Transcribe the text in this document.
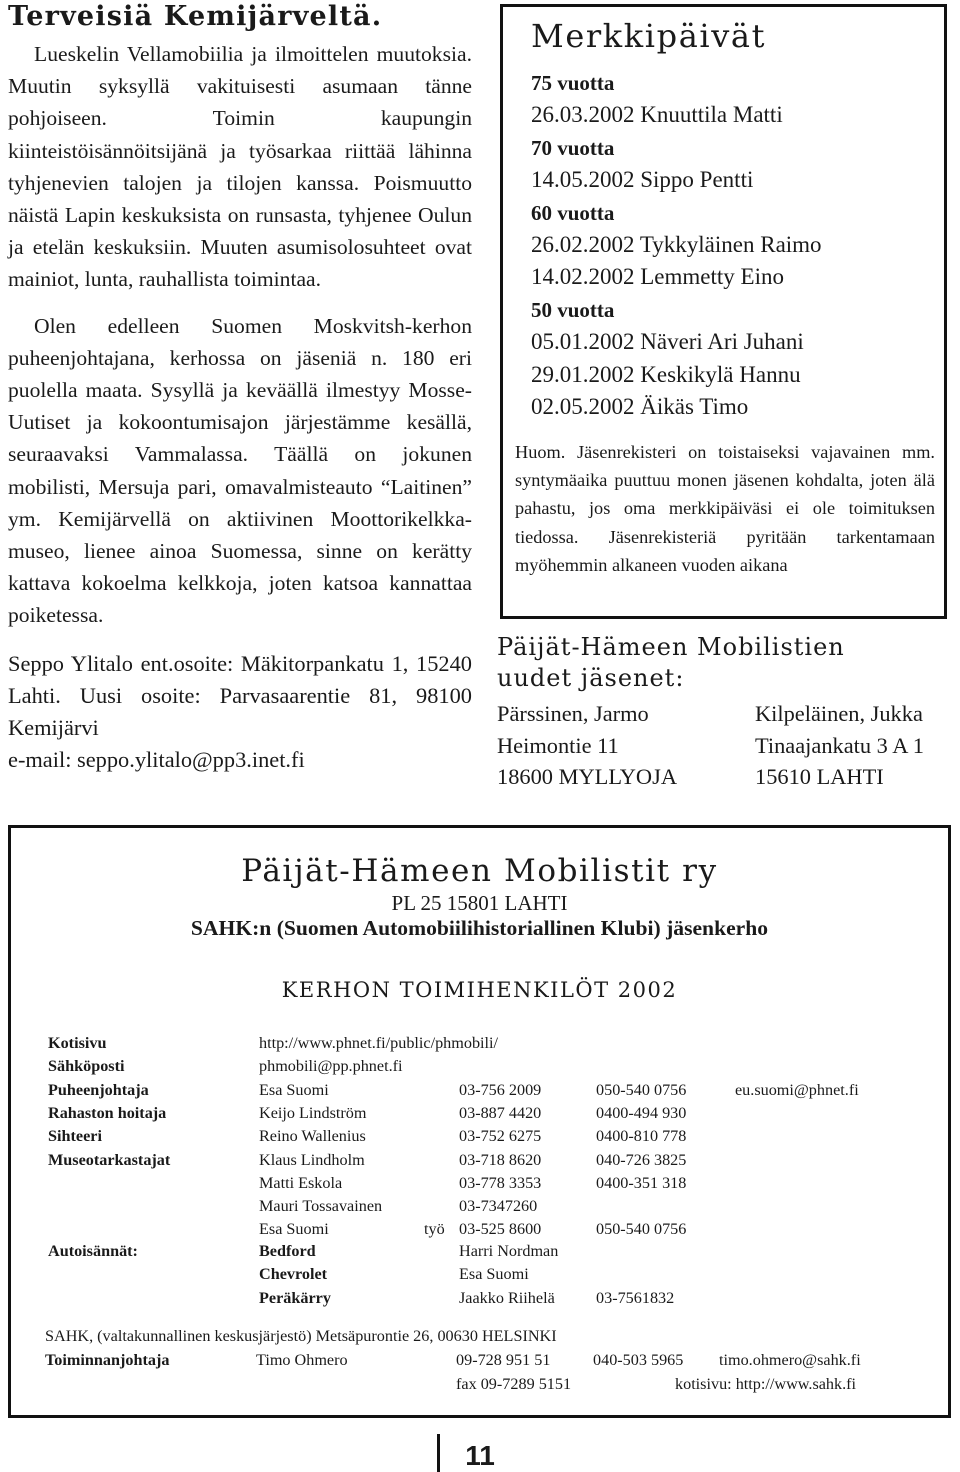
Terveisiä Kemijärveltä.

Lueskelin Vellamobiilia ja ilmoittelen muutoksia. Muutin syksyllä vakituisesti asumaan tänne pohjoiseen. Toimin kaupungin kiinteistöisännöitsijänä ja työsarkaa riittää lähinna tyhjenevien talojen ja tilojen kanssa. Poismuutto näistä Lapin keskuksista on runsasta, tyhjenee Oulun ja etelän keskuksiin. Muuten asumisolosuhteet ovat mainiot, lunta, rauhallista toimintaa.

Olen edelleen Suomen Moskvitsh-kerhon puheenjohtajana, kerhossa on jäseniä n. 180 eri puolella maata. Sysyllä ja keväällä ilmestyy Mosse-Uutiset ja kokoontumisajon järjestämme kesällä, seuraavaksi Vammalassa. Täällä on jokunen mobilisti, Mersuja pari, omavalmisteauto “Laitinen” ym. Kemijärvellä on aktiivinen Moottorikelkka-museo, lienee ainoa Suomessa, sinne on kerätty kattava kokoelma kelkkoja, joten katsoa kannattaa poiketessa.

Seppo Ylitalo ent.osoite: Mäkitorpankatu 1, 15240 Lahti. Uusi osoite: Parvasaarentie 81, 98100 Kemijärvi
e-mail: seppo.ylitalo@pp3.inet.fi

Merkkipäivät
75 vuotta
26.03.2002 Knuuttila Matti
70 vuotta
14.05.2002 Sippo Pentti
60 vuotta
26.02.2002 Tykkyläinen Raimo
14.02.2002 Lemmetty Eino
50 vuotta
05.01.2002 Näveri Ari Juhani
29.01.2002 Keskikylä Hannu
02.05.2002 Äikäs Timo
Huom. Jäsenrekisteri on toistaiseksi vajavainen mm. syntymäaika puuttuu monen jäsenen kohdalta, joten älä pahastu, jos oma merkkipäiväsi ei ole toimituksen tiedossa. Jäsenrekisteriä pyritään tarkentamaan myöhemmin alkaneen vuoden aikana
Päijät-Hämeen Mobilistien
uudet jäsenet:
Pärssinen, Jarmo
Heimontie 11
18600 MYLLYOJA
Kilpeläinen, Jukka
Tinaajankatu 3 A 1
15610 LAHTI
Päijät-Hämeen Mobilistit ry
PL 25 15801 LAHTI
SAHK:n (Suomen Automobiilihistoriallinen Klubi) jäsenkerho
KERHON TOIMIHENKILÖT 2002
Kotisivu	http://www.phnet.fi/public/phmobili/
Sähköposti	phmobili@pp.phnet.fi
Puheenjohtaja	Esa Suomi	03-756 2009	050-540 0756	eu.suomi@phnet.fi
Rahaston hoitaja	Keijo Lindström	03-887 4420	0400-494 930
Sihteeri	Reino Wallenius	03-752 6275	0400-810 778
Museotarkastajat	Klaus Lindholm	03-718 8620	040-726 3825
Matti Eskola	03-778 3353	0400-351 318
Mauri Tossavainen	03-7347260
Esa Suomi	työ 03-525 8600	050-540 0756
Autoisännät:	Bedford	Harri Nordman
Chevrolet	Esa Suomi
Peräkärry	Jaakko Riihelä	03-7561832
SAHK, (valtakunnallinen keskusjärjestö) Metsäpurontie 26, 00630 HELSINKI
Toiminnanjohtaja	Timo Ohmero	09-728 951 51	040-503 5965 timo.ohmero@sahk.fi
fax 09-7289 5151	kotisivu: http://www.sahk.fi
11
